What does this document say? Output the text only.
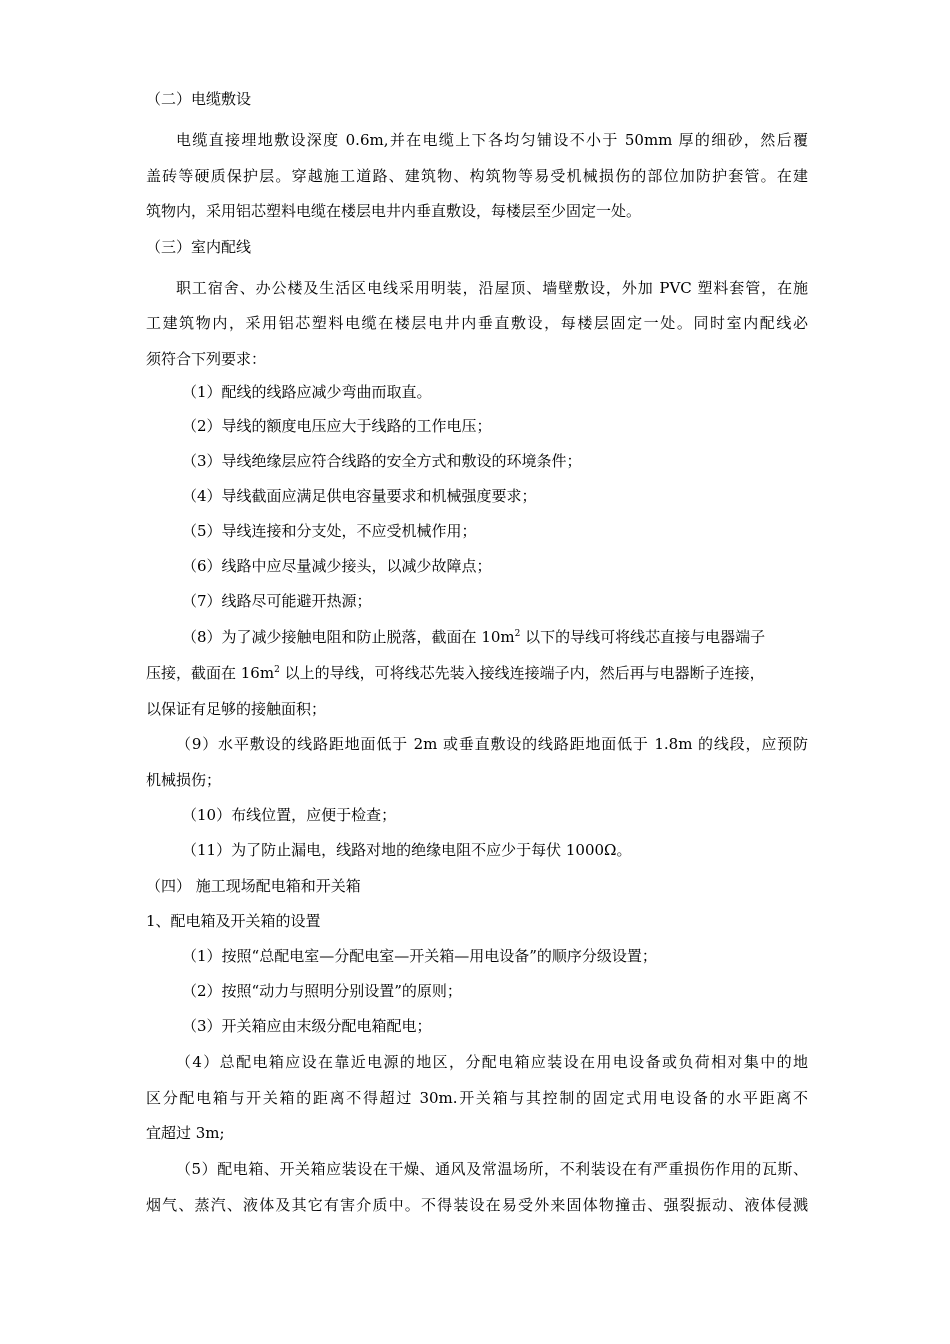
（二）电缆敷设
电缆直接埋地敷设深度 0.6m,并在电缆上下各均匀铺设不小于 50mm 厚的细砂，然后覆
盖砖等硬质保护层。穿越施工道路、建筑物、构筑物等易受机械损伤的部位加防护套管。在建
筑物内，采用铝芯塑料电缆在楼层电井内垂直敷设，每楼层至少固定一处。
（三）室内配线
职工宿舍、办公楼及生活区电线采用明装，沿屋顶、墙壁敷设，外加 PVC 塑料套管，在施
工建筑物内，采用铝芯塑料电缆在楼层电井内垂直敷设，每楼层固定一处。同时室内配线必
须符合下列要求：
（1）配线的线路应减少弯曲而取直。
（2）导线的额度电压应大于线路的工作电压；
（3）导线绝缘层应符合线路的安全方式和敷设的环境条件；
（4）导线截面应满足供电容量要求和机械强度要求；
（5）导线连接和分支处，不应受机械作用；
（6）线路中应尽量减少接头，以减少故障点；
（7）线路尽可能避开热源；
（8）为了减少接触电阻和防止脱落，截面在 $10m^2$ 以下的导线可将线芯直接与电器端子
压接，截面在 $16m^2$ 以上的导线，可将线芯先装入接线连接端子内，然后再与电器断子连接，
以保证有足够的接触面积；
（9）水平敷设的线路距地面低于 2m 或垂直敷设的线路距地面低于 1.8m 的线段，应预防
机械损伤；
（10）布线位置，应便于检查；
（11）为了防止漏电，线路对地的绝缘电阻不应少于每伏 1000Ω。
（四） 施工现场配电箱和开关箱
1、配电箱及开关箱的设置
（1）按照“总配电室—分配电室—开关箱—用电设备”的顺序分级设置；
（2）按照“动力与照明分别设置”的原则；
（3）开关箱应由末级分配电箱配电；
（4）总配电箱应设在靠近电源的地区，分配电箱应装设在用电设备或负荷相对集中的地
区分配电箱与开关箱的距离不得超过 30m.开关箱与其控制的固定式用电设备的水平距离不
宜超过 3m;
（5）配电箱、开关箱应装设在干燥、通风及常温场所，不利装设在有严重损伤作用的瓦斯、
烟气、蒸汽、液体及其它有害介质中。不得装设在易受外来固体物撞击、强裂振动、液体侵溅
